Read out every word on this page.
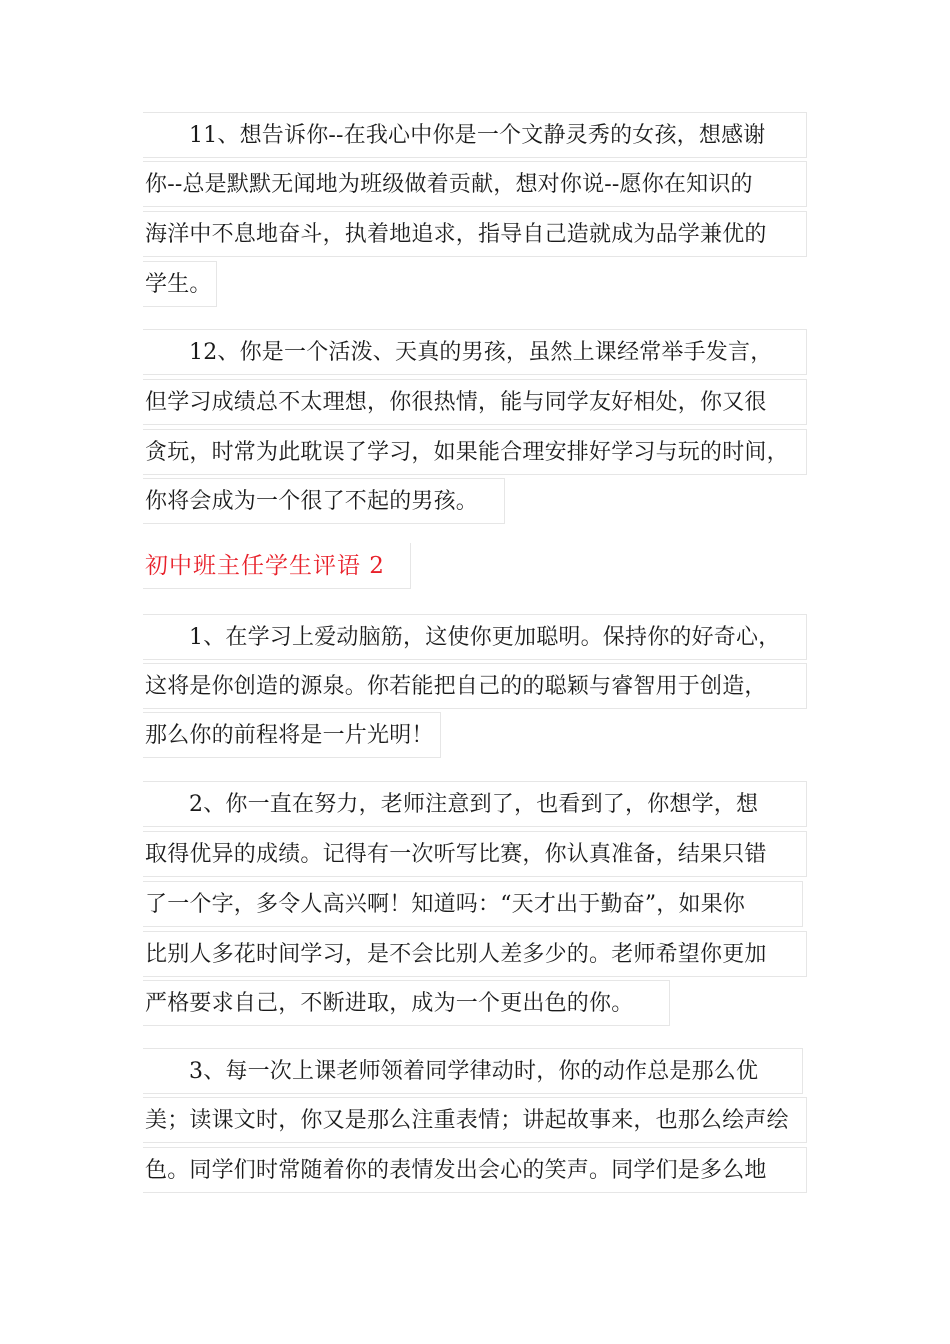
11、想告诉你--在我心中你是一个文静灵秀的女孩，想感谢
你--总是默默无闻地为班级做着贡献，想对你说--愿你在知识的
海洋中不息地奋斗，执着地追求，指导自己造就成为品学兼优的
学生。
12、你是一个活泼、天真的男孩，虽然上课经常举手发言，
但学习成绩总不太理想，你很热情，能与同学友好相处，你又很
贪玩，时常为此耽误了学习，如果能合理安排好学习与玩的时间，
你将会成为一个很了不起的男孩。
初中班主任学生评语 2
1、在学习上爱动脑筋，这使你更加聪明。保持你的好奇心，
这将是你创造的源泉。你若能把自己的的聪颖与睿智用于创造，
那么你的前程将是一片光明！
2、你一直在努力，老师注意到了，也看到了，你想学，想
取得优异的成绩。记得有一次听写比赛，你认真准备，结果只错
了一个字，多令人高兴啊！知道吗：“天才出于勤奋”，如果你
比别人多花时间学习，是不会比别人差多少的。老师希望你更加
严格要求自己，不断进取，成为一个更出色的你。
3、每一次上课老师领着同学律动时，你的动作总是那么优
美；读课文时，你又是那么注重表情；讲起故事来，也那么绘声绘
色。同学们时常随着你的表情发出会心的笑声。同学们是多么地
